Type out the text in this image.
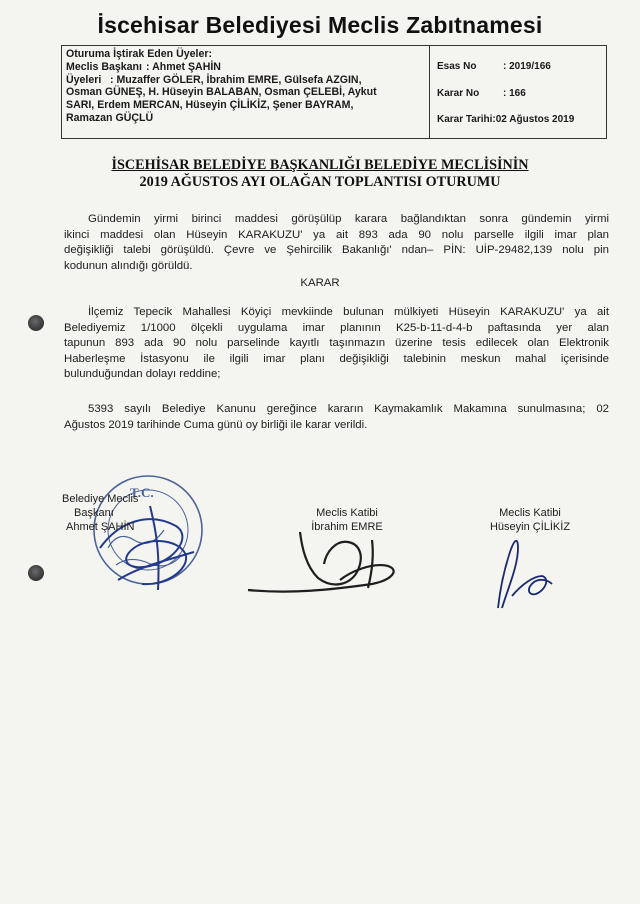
İscehisar Belediyesi Meclis Zabıtnamesi
Oturuma İştirak Eden Üyeler:
Meclis Başkanı : Ahmet ŞAHİN
Üyeleri : Muzaffer GÖLER, İbrahim EMRE, Gülsefa AZGIN,
Osman GÜNEŞ, H. Hüseyin BALABAN, Osman ÇELEBİ, Aykut
SARI, Erdem MERCAN, Hüseyin ÇİLİKİZ, Şener BAYRAM,
Ramazan GÜÇLÜ
Esas No	: 2019/166
Karar No : 166
Karar Tarihi:02 Ağustos 2019
İSCEHİSAR BELEDİYE BAŞKANLIĞI BELEDİYE MECLİSİNİN
2019 AĞUSTOS AYI OLAĞAN TOPLANTISI OTURUMU
Gündemin yirmi birinci maddesi görüşülüp karara bağlandıktan sonra gündemin yirmi
ikinci maddesi olan Hüseyin KARAKUZU' ya ait 893 ada 90 nolu parselle ilgili imar plan
değişikliği talebi görüşüldü. Çevre ve Şehircilik Bakanlığı' ndan– PİN: UİP-29482,139 nolu pin
kodunun alındığı görüldü.
KARAR
İlçemiz Tepecik Mahallesi Köyiçi mevkiinde bulunan mülkiyeti Hüseyin KARAKUZU' ya ait
Belediyemiz 1/1000 ölçekli uygulama imar planının K25-b-11-d-4-b paftasında yer alan
tapunun 893 ada 90 nolu parselinde kayıtlı taşınmazın üzerine tesis edilecek olan Elektronik
Haberleşme İstasyonu ile ilgili imar planı değişikliği talebinin meskun mahal içerisinde
bulunduğundan dolayı reddine;
5393 sayılı Belediye Kanunu gereğince kararın Kaymakamlık Makamına sunulmasına; 02
Ağustos 2019 tarihinde Cuma günü oy birliği ile karar verildi.
T.C.
Belediye Meclis
Başkanı
Ahmet ŞAHİN
Meclis Katibi
İbrahim EMRE
Meclis Katibi
Hüseyin ÇİLİKİZ
